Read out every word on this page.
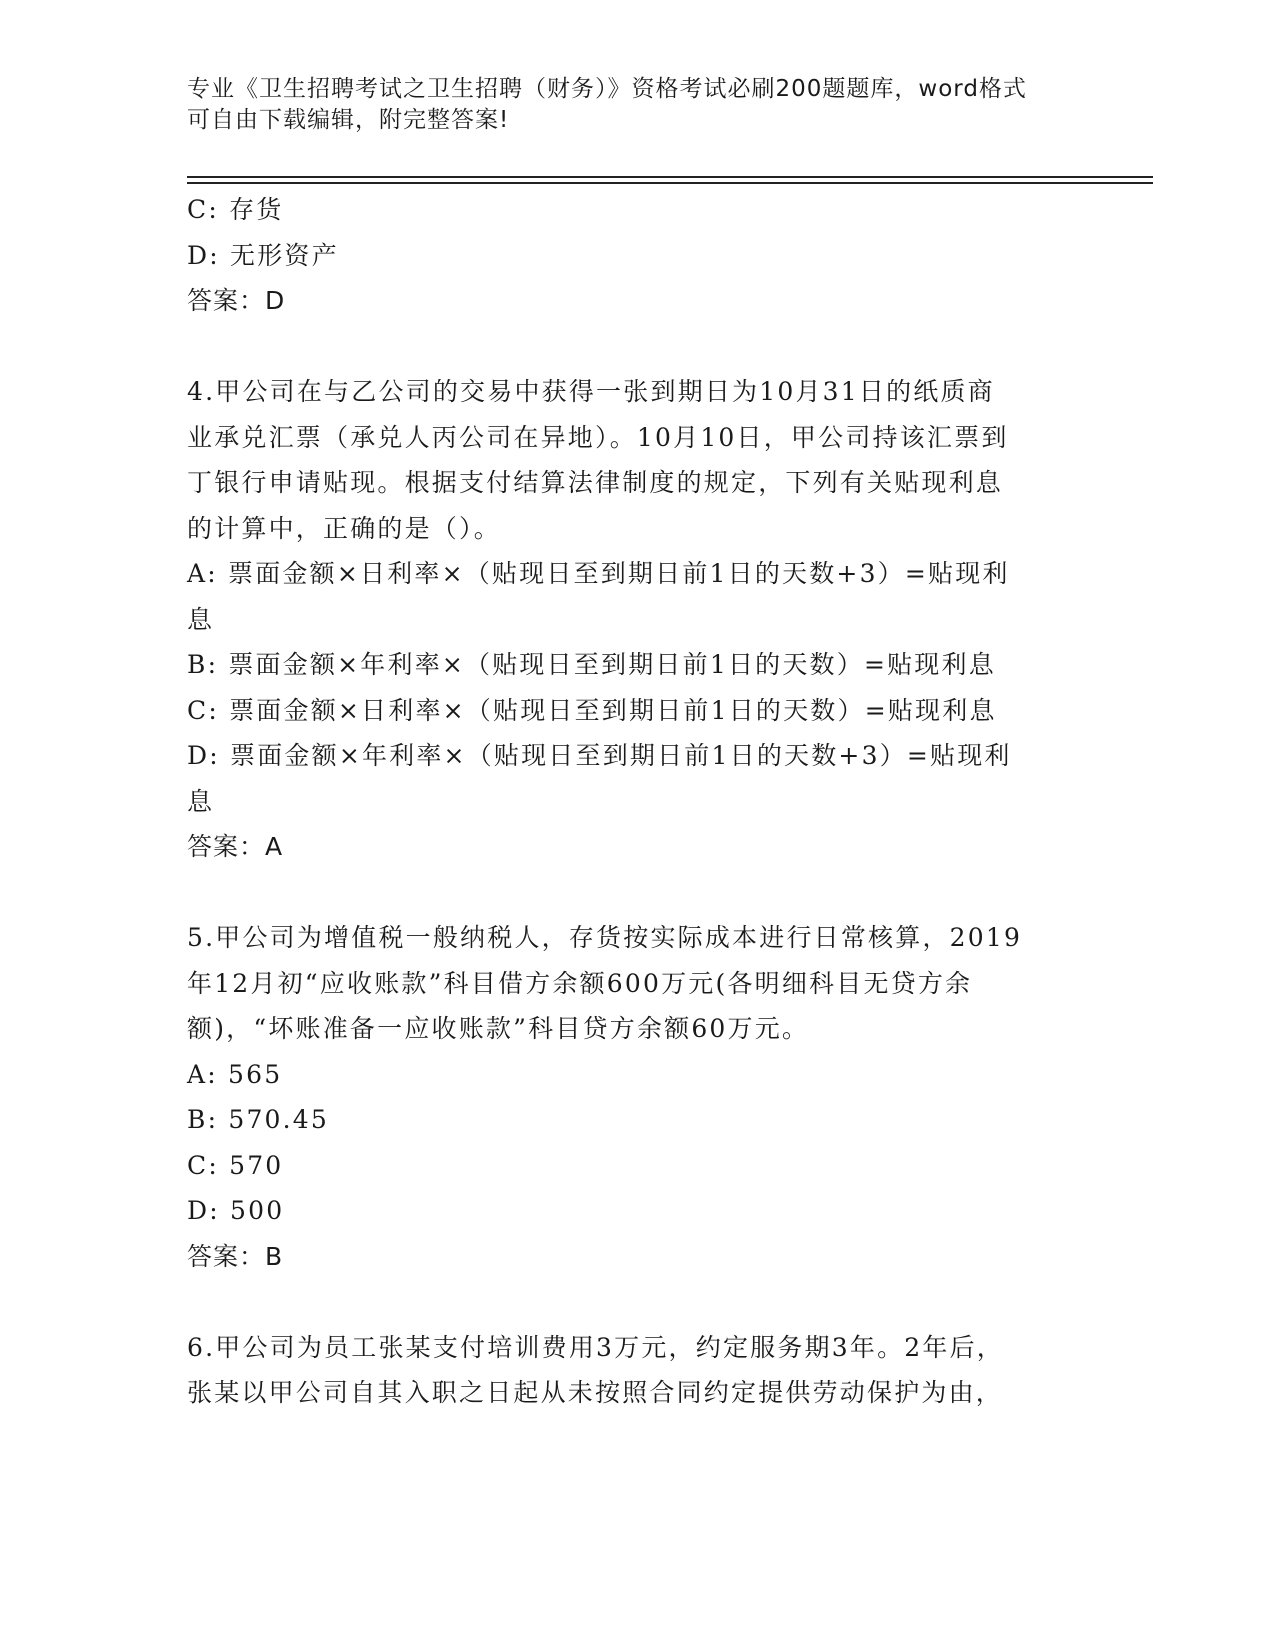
专业《卫生招聘考试之卫生招聘（财务）》资格考试必刷200题题库，word格式
可自由下载编辑，附完整答案!
C: 存货
D: 无形资产
答案：D
4.甲公司在与乙公司的交易中获得一张到期日为10月31日的纸质商
业承兑汇票（承兑人丙公司在异地）。10月10日，甲公司持该汇票到
丁银行申请贴现。根据支付结算法律制度的规定，下列有关贴现利息
的计算中，正确的是（）。
A: 票面金额×日利率×（贴现日至到期日前1日的天数+3）=贴现利
息
B: 票面金额×年利率×（贴现日至到期日前1日的天数）=贴现利息
C: 票面金额×日利率×（贴现日至到期日前1日的天数）=贴现利息
D: 票面金额×年利率×（贴现日至到期日前1日的天数+3）=贴现利
息
答案：A
5.甲公司为增值税一般纳税人，存货按实际成本进行日常核算，2019
年12月初“应收账款”科目借方余额600万元(各明细科目无贷方余
额)，“坏账准备一应收账款”科目贷方余额60万元。
A: 565
B: 570.45
C: 570
D: 500
答案：B
6.甲公司为员工张某支付培训费用3万元，约定服务期3年。2年后，
张某以甲公司自其入职之日起从未按照合同约定提供劳动保护为由，
